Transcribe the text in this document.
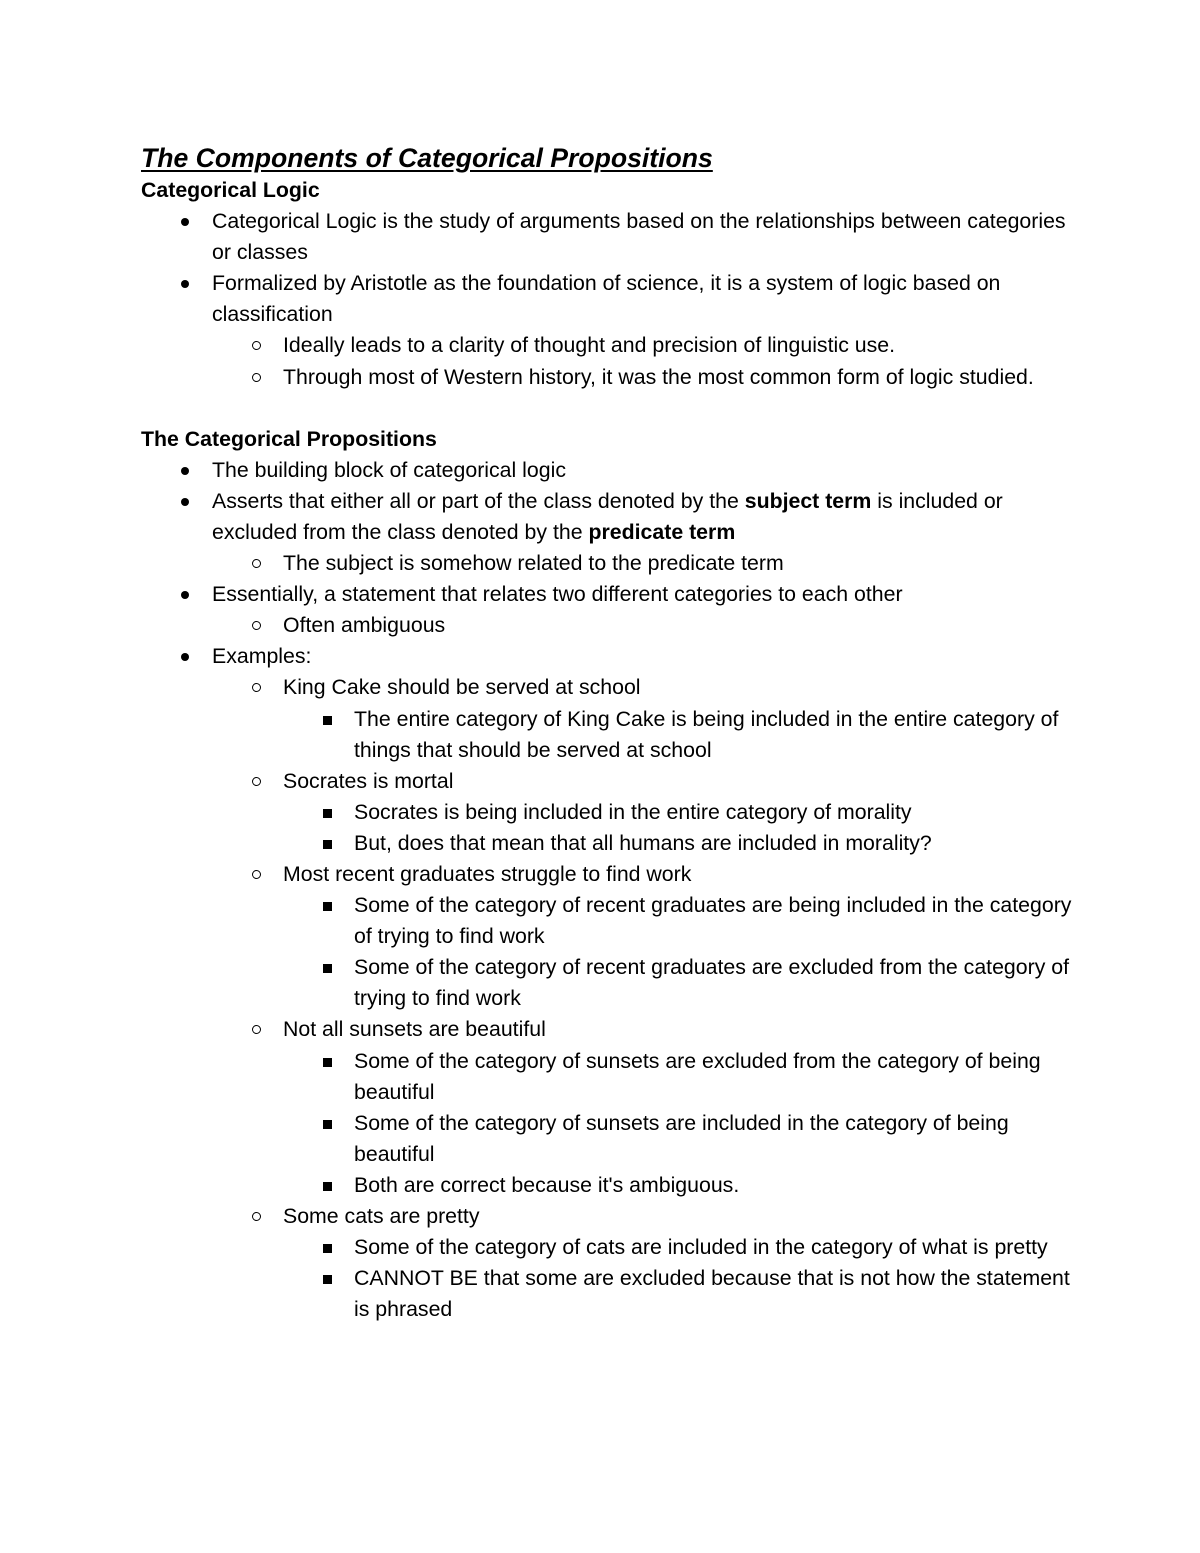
The Components of Categorical Propositions
Categorical Logic
Categorical Logic is the study of arguments based on the relationships between categories or classes
Formalized by Aristotle as the foundation of science, it is a system of logic based on classification
Ideally leads to a clarity of thought and precision of linguistic use.
Through most of Western history, it was the most common form of logic studied.
The Categorical Propositions
The building block of categorical logic
Asserts that either all or part of the class denoted by the subject term is included or excluded from the class denoted by the predicate term
The subject is somehow related to the predicate term
Essentially, a statement that relates two different categories to each other
Often ambiguous
Examples:
King Cake should be served at school
The entire category of King Cake is being included in the entire category of things that should be served at school
Socrates is mortal
Socrates is being included in the entire category of morality
But, does that mean that all humans are included in morality?
Most recent graduates struggle to find work
Some of the category of recent graduates are being included in the category of trying to find work
Some of the category of recent graduates are excluded from the category of trying to find work
Not all sunsets are beautiful
Some of the category of sunsets are excluded from the category of being beautiful
Some of the category of sunsets are included in the category of being beautiful
Both are correct because it's ambiguous.
Some cats are pretty
Some of the category of cats are included in the category of what is pretty
CANNOT BE that some are excluded because that is not how the statement is phrased
